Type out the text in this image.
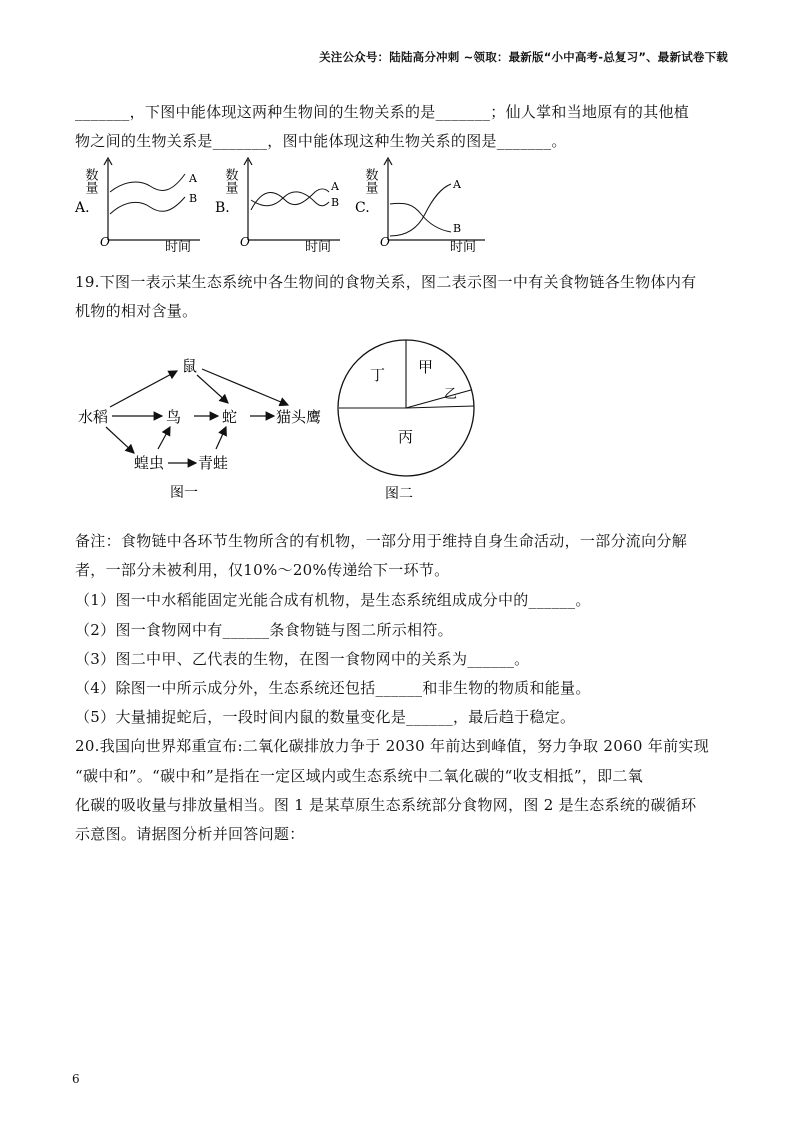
关注公众号：陆陆高分冲刺 ~领取：最新版“小中高考-总复习”、最新试卷下载
_______，下图中能体现这两种生物间的生物关系的是_______；仙人掌和当地原有的其他植
物之间的生物关系是_______，图中能体现这种生物关系的图是_______。
A.
数量
O	时间
A
B
B.
数量
O	时间
A
B C.
数量
O	时间
A
B
19.下图一表示某生态系统中各生物间的食物关系，图二表示图一中有关食物链各生物体内有
机物的相对含量。
水稻
鼠
鸟	蛇	猫头鹰
蝗虫 青蛙
图一
丁 甲
乙
丙
图二
备注：食物链中各环节生物所含的有机物，一部分用于维持自身生命活动，一部分流向分解
者，一部分未被利用，仅10%～20%传递给下一环节。
（1）图一中水稻能固定光能合成有机物，是生态系统组成成分中的______。
（2）图一食物网中有______条食物链与图二所示相符。
（3）图二中甲、乙代表的生物，在图一食物网中的关系为______。
（4）除图一中所示成分外，生态系统还包括______和非生物的物质和能量。
（5）大量捕捉蛇后，一段时间内鼠的数量变化是______，最后趋于稳定。
20.我国向世界郑重宣布:二氧化碳排放力争于 2030 年前达到峰值，努力争取 2060 年前实现
“碳中和”。“碳中和”是指在一定区域内或生态系统中二氧化碳的“收支相抵”，即二氧
化碳的吸收量与排放量相当。图 1 是某草原生态系统部分食物网，图 2 是生态系统的碳循环
示意图。请据图分析并回答问题：
6
